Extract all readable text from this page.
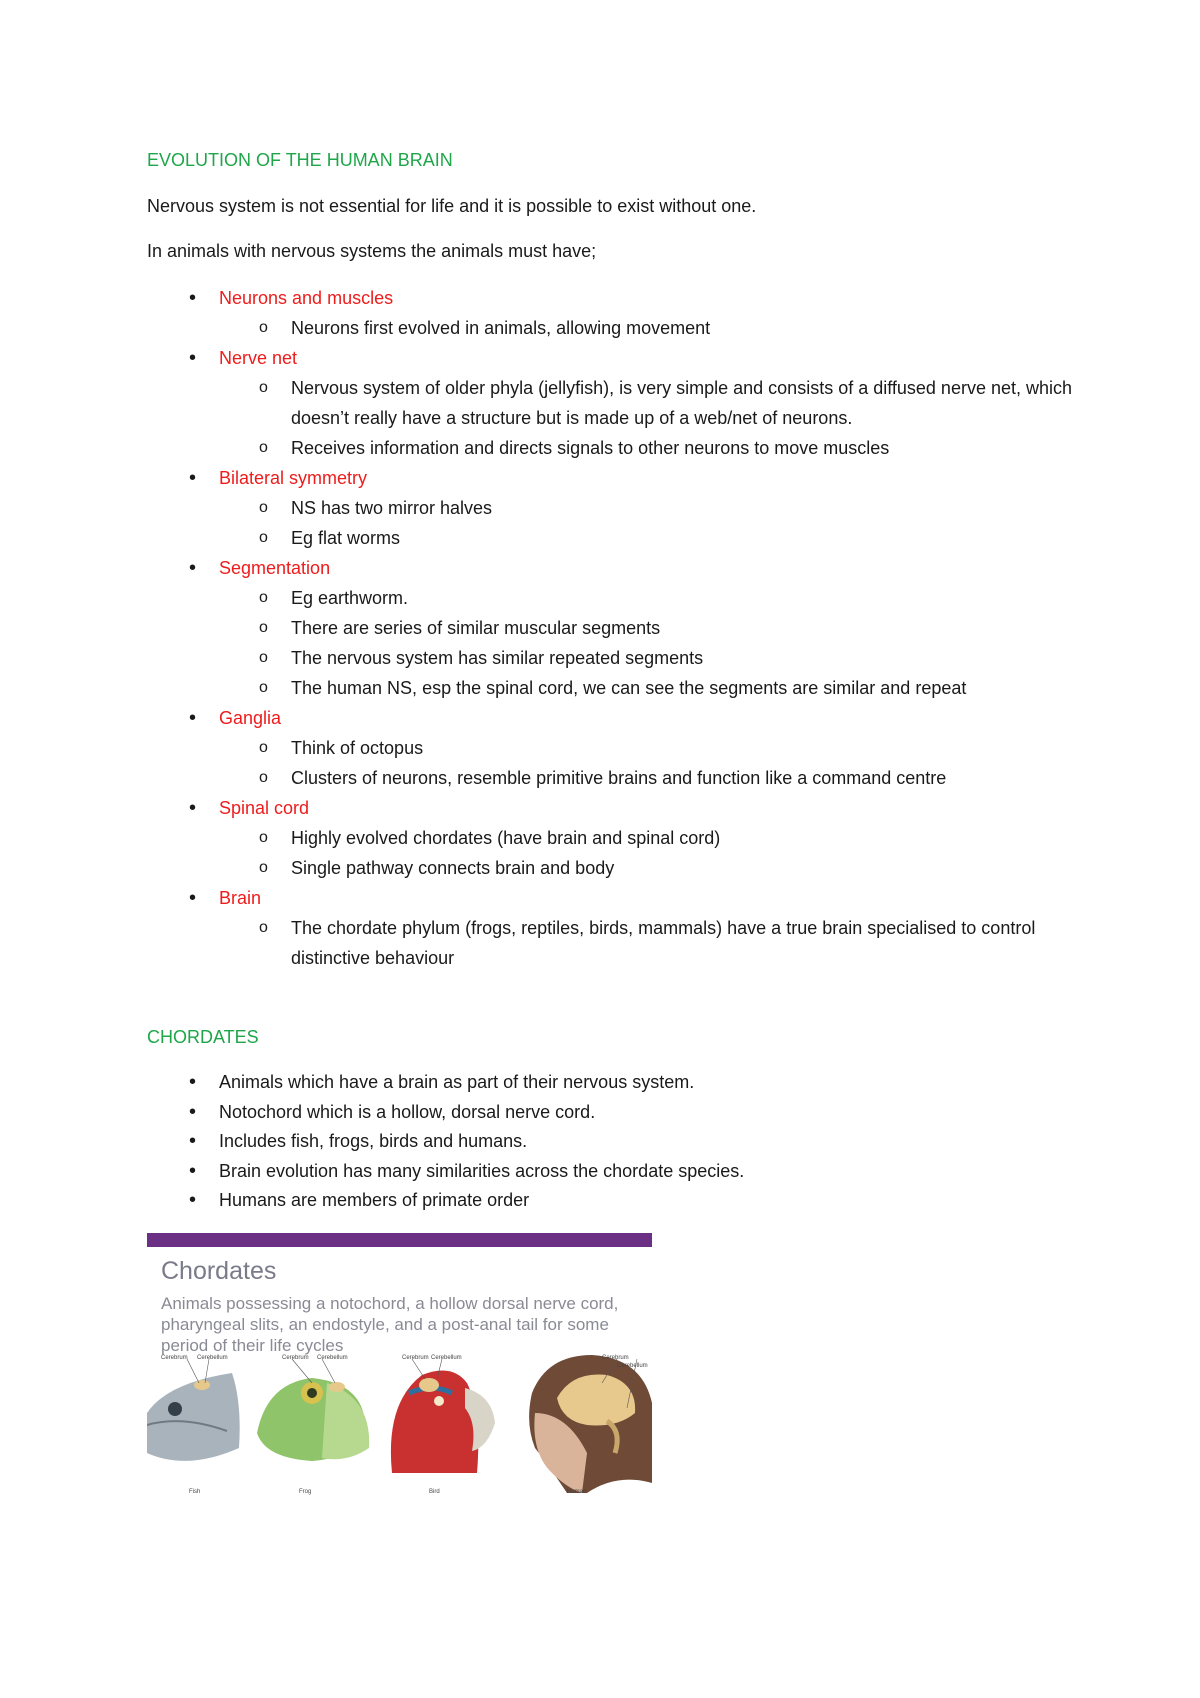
EVOLUTION OF THE HUMAN BRAIN

Nervous system is not essential for life and it is possible to exist without one.

In animals with nervous systems the animals must have;

• Neurons and muscles
o Neurons first evolved in animals, allowing movement
• Nerve net
o Nervous system of older phyla (jellyfish), is very simple and consists of a diffused nerve net, which doesn’t really have a structure but is made up of a web/net of neurons.
o Receives information and directs signals to other neurons to move muscles
• Bilateral symmetry
o NS has two mirror halves
o Eg flat worms
• Segmentation
o Eg earthworm.
o There are series of similar muscular segments
o The nervous system has similar repeated segments
o The human NS, esp the spinal cord, we can see the segments are similar and repeat
• Ganglia
o Think of octopus
o Clusters of neurons, resemble primitive brains and function like a command centre
• Spinal cord
o Highly evolved chordates (have brain and spinal cord)
o Single pathway connects brain and body
• Brain
o The chordate phylum (frogs, reptiles, birds, mammals) have a true brain specialised to control distinctive behaviour
CHORDATES
• Animals which have a brain as part of their nervous system.
• Notochord which is a hollow, dorsal nerve cord.
• Includes fish, frogs, birds and humans.
• Brain evolution has many similarities across the chordate species.
• Humans are members of primate order
Chordates
Animals possessing a notochord, a hollow dorsal nerve cord, pharyngeal slits, an endostyle, and a post-anal tail for some period of their life cycles
Cerebrum Cerebellum
Fish
Cerebrum Cerebellum
Frog
Cerebrum Cerebellum
Bird
Cerebrum
Cerebellum
Human
